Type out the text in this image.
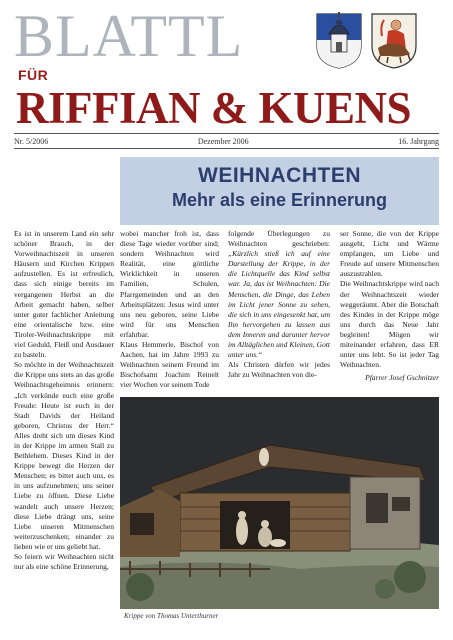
BLATTL
FÜR
RIFFIAN & KUENS
Nr. 5/2006	Dezember 2006	16. Jahrgang
WEIHNACHTEN
Mehr als eine Erinnerung

Es ist in unserem Land ein sehr schöner Brauch, in der Vorweihnachtszeit in unseren Häusern und Kirchen Krippen aufzustellen. Es ist erfreulich, dass sich einige bereits im vergangenen Herbst an die Arbeit gemacht haben, selber unter guter fachlicher Anleitung eine orientalische bzw. eine Tiroler-Weihnachtskrippe mit viel Geduld, Fleiß und Ausdauer zu basteln.

So möchte in der Weihnachtszeit die Krippe uns stets an das große Weihnachtsgeheimnis erinnern: „Ich verkünde euch eine große Freude: Heute ist euch in der Stadt Davids der Heiland geboren, Christus der Herr.“ Alles dreht sich um dieses Kind in der Krippe im armen Stall zu Bethlehem. Dieses Kind in der Krippe bewegt die Herzen der Menschen; es bittet auch uns, es in uns aufzunehmen; uns seiner Liebe zu öffnen. Diese Liebe wandelt auch unsere Herzen; diese Liebe drängt uns, seine Liebe unseren Mitmenschen weiterzuschenken; einander zu lieben wie er uns geliebt hat.

So feiern wir Weihnachten nicht nur als eine schöne Erinnerung,

wobei mancher froh ist, dass diese Tage wieder vorüber sind; sondern Weihnachten wird Realität, eine göttliche Wirklichkeit in unseren Familien, Schulen, Pfarrgemeinden und an den Arbeitsplätzen: Jesus wird unter uns neu geboren, seine Liebe wird für uns Menschen erfahrbar.

Klaus Hemmerle, Bischof von Aachen, hat im Jahre 1993 zu Weihnachten seinem Freund im Bischofsamt Joachim Reinelt vier Wochen vor seinem Tode

folgende Überlegungen zu Weihnachten geschrieben: „Kürzlich stieß ich auf eine Darstellung der Krippe, in der die Lichtquelle das Kind selbst war. Ja, das ist Weihnachten: Die Menschen, die Dinge, das Leben im Licht jener Sonne zu sehen, die sich in uns eingesenkt hat, um Ihn hervorgehen zu lassen aus dem Inneren und darunter hervor im Alltäglichen und Kleinen, Gott unter uns.“

Als Christen dürfen wir jedes Jahr zu Weihnachten von die-

ser Sonne, die von der Krippe ausgeht, Licht und Wärme empfangen, um Liebe und Freude auf unsere Mitmenschen auszustrahlen.

Die Weihnachtskrippe wird nach der Weihnachtszeit wieder weggeräumt. Aber die Botschaft des Kindes in der Krippe möge uns durch das Neue Jahr begleiten! Mögen wir miteinander erfahren, dass ER unter uns lebt. So ist jeder Tag Weihnachten.

Pfarrer Josef Gschnitzer

Krippe von Thomas Unterthurner
